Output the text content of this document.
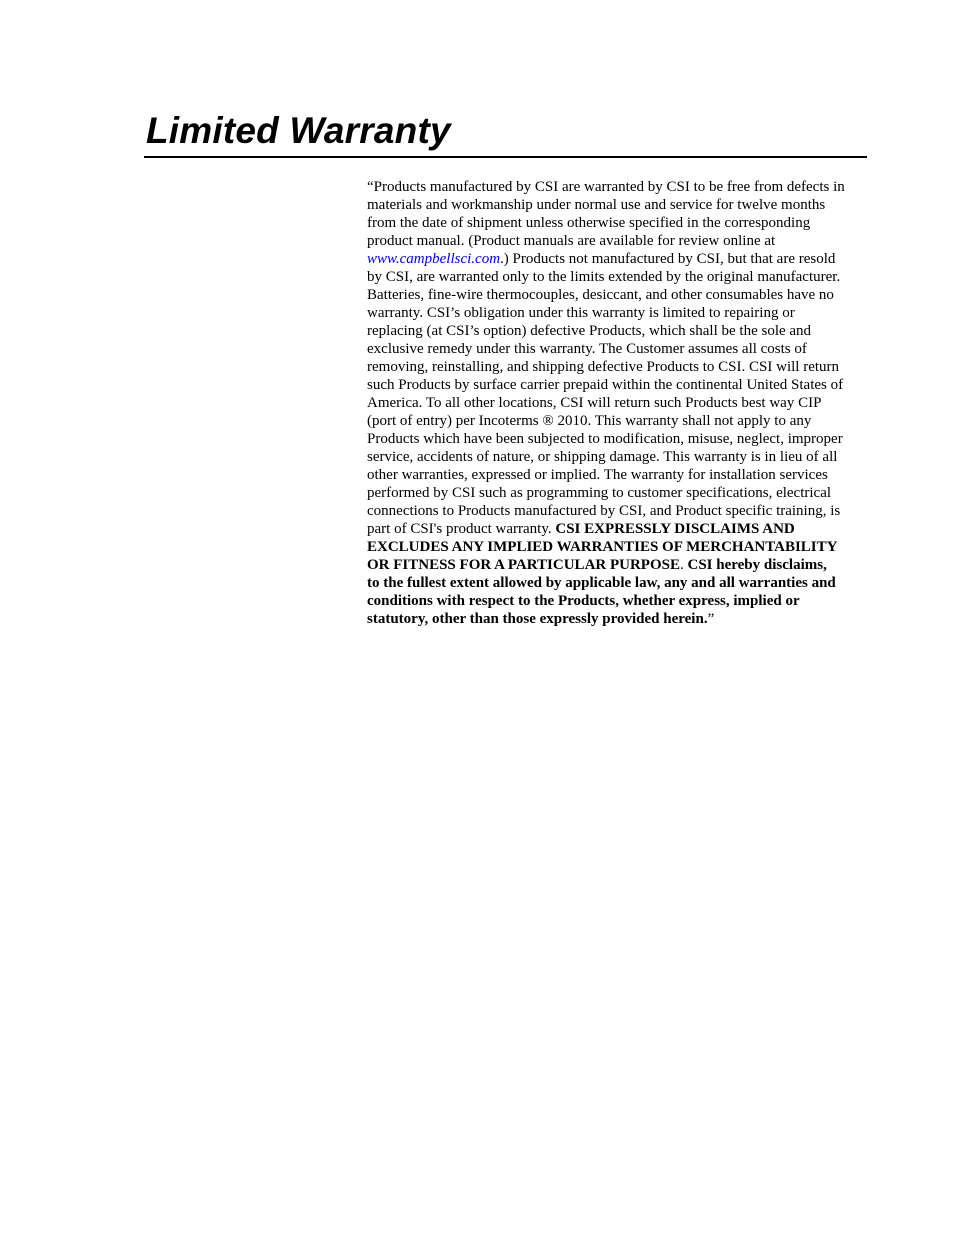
Limited Warranty
“Products manufactured by CSI are warranted by CSI to be free from defects in
materials and workmanship under normal use and service for twelve months
from the date of shipment unless otherwise specified in the corresponding
product manual. (Product manuals are available for review online at
www.campbellsci.com.) Products not manufactured by CSI, but that are resold
by CSI, are warranted only to the limits extended by the original manufacturer.
Batteries, fine-wire thermocouples, desiccant, and other consumables have no
warranty. CSI’s obligation under this warranty is limited to repairing or
replacing (at CSI’s option) defective Products, which shall be the sole and
exclusive remedy under this warranty. The Customer assumes all costs of
removing, reinstalling, and shipping defective Products to CSI. CSI will return
such Products by surface carrier prepaid within the continental United States of
America. To all other locations, CSI will return such Products best way CIP
(port of entry) per Incoterms ® 2010. This warranty shall not apply to any
Products which have been subjected to modification, misuse, neglect, improper
service, accidents of nature, or shipping damage. This warranty is in lieu of all
other warranties, expressed or implied. The warranty for installation services
performed by CSI such as programming to customer specifications, electrical
connections to Products manufactured by CSI, and Product specific training, is
part of CSI's product warranty. CSI EXPRESSLY DISCLAIMS AND
EXCLUDES ANY IMPLIED WARRANTIES OF MERCHANTABILITY
OR FITNESS FOR A PARTICULAR PURPOSE. CSI hereby disclaims,
to the fullest extent allowed by applicable law, any and all warranties and
conditions with respect to the Products, whether express, implied or
statutory, other than those expressly provided herein.”
